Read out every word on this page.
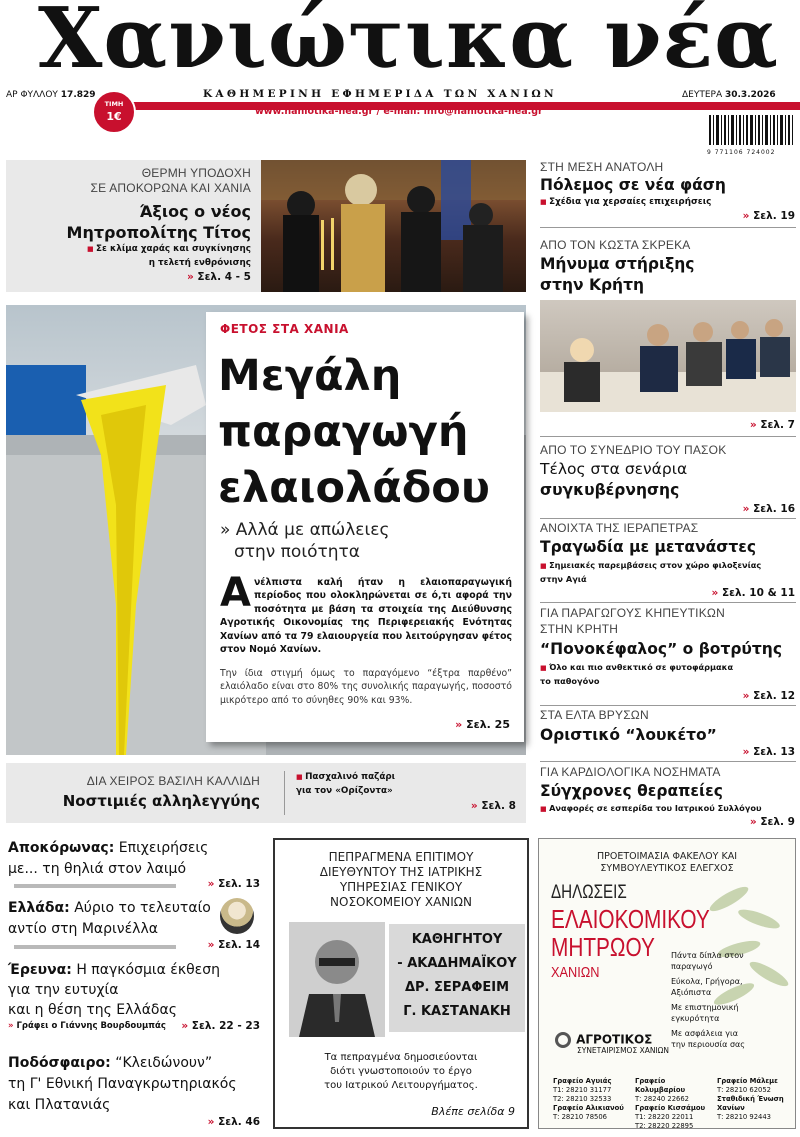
Χανιώτικα νέα
ΑΡ ΦΥΛΛΟΥ 17.829	ΚΑΘΗΜΕΡΙΝΗ ΕΦΗΜΕΡΙΔΑ ΤΩΝ ΧΑΝΙΩΝ	ΔΕΥΤΕΡΑ 30.3.2026
www.haniotika-nea.gr / e-mail: info@haniotika-nea.gr
ΤΙΜΗ
1€
9 771106 724002
ΘΕΡΜΗ ΥΠΟΔΟΧΗ
ΣΕ ΑΠΟΚΟΡΩΝΑ ΚΑΙ ΧΑΝΙΑ
Άξιος ο νέος
Μητροπολίτης Τίτος
■ Σε κλίμα χαράς και συγκίνησης
η τελετή ενθρόνισης
» Σελ. 4 - 5
ΦΕΤΟΣ ΣΤΑ ΧΑΝΙΑ
Μεγάλη
παραγωγή
ελαιολάδου
» Αλλά με απώλειες
στην ποιότητα
Ανέλπιστα καλή ήταν η ελαιοπαραγωγική περίοδος που ολοκληρώνεται σε ό,τι αφορά την ποσότητα με βάση τα στοιχεία της Διεύθυνσης Αγροτικής Οικονομίας της Περιφερειακής Ενότητας Χανίων από τα 79 ελαιουργεία που λειτούργησαν φέτος στον Νομό Χανίων.
Την ίδια στιγμή όμως το παραγόμενο “έξτρα παρθένο” ελαιόλαδο είναι στο 80% της συνολικής παραγωγής, ποσοστό μικρότερο από το σύνηθες 90% και 93%.
» Σελ. 25
ΔΙΑ ΧΕΙΡΟΣ ΒΑΣΙΛΗ ΚΑΛΛΙΔΗ
Νοστιμιές αλληλεγγύης
■ Πασχαλινό παζάρι
για τον «Ορίζοντα»
» Σελ. 8
ΣΤΗ ΜΕΣΗ ΑΝΑΤΟΛΗ
Πόλεμος σε νέα φάση
■ Σχέδια για χερσαίες επιχειρήσεις
» Σελ. 19
ΑΠΟ ΤΟΝ ΚΩΣΤΑ ΣΚΡΕΚΑ
Μήνυμα στήριξης
στην Κρήτη
» Σελ. 7
ΑΠΟ ΤΟ ΣΥΝΕΔΡΙΟ ΤΟΥ ΠΑΣΟΚ
Τέλος στα σενάρια
συγκυβέρνησης
» Σελ. 16
ΑΝΟΙΧΤΑ ΤΗΣ ΙΕΡΑΠΕΤΡΑΣ
Τραγωδία με μετανάστες
■ Σημειακές παρεμβάσεις στον χώρο φιλοξενίας
στην Αγιά
» Σελ. 10 & 11
ΓΙΑ ΠΑΡΑΓΩΓΟΥΣ ΚΗΠΕΥΤΙΚΩΝ
ΣΤΗΝ ΚΡΗΤΗ
“Πονοκέφαλος” ο βοτρύτης
■ Όλο και πιο ανθεκτικό σε φυτοφάρμακα
το παθογόνο
» Σελ. 12
ΣΤΑ ΕΛΤΑ ΒΡΥΣΩΝ
Οριστικό “λουκέτο”
» Σελ. 13
ΓΙΑ ΚΑΡΔΙΟΛΟΓΙΚΑ ΝΟΣΗΜΑΤΑ
Σύγχρονες θεραπείες
■ Αναφορές σε εσπερίδα του Ιατρικού Συλλόγου
» Σελ. 9
Αποκόρωνας: Επιχειρήσεις
με... τη θηλιά στον λαιμό
» Σελ. 13
Ελλάδα: Αύριο το τελευταίο
αντίο στη Μαρινέλλα
» Σελ. 14
Έρευνα: Η παγκόσμια έκθεση
για την ευτυχία
και η θέση της Ελλάδας
» Γράφει ο Γιάννης Βουρδουμπάς
»	Σελ. 22 - 23
Ποδόσφαιρο: “Κλειδώνουν”
τη Γ' Εθνική Παναγκρωτηριακός
και Πλατανιάς
» Σελ. 46
ΠΕΠΡΑΓΜΕΝΑ ΕΠΙΤΙΜΟΥ
ΔΙΕΥΘΥΝΤΟΥ ΤΗΣ ΙΑΤΡΙΚΗΣ
ΥΠΗΡΕΣΙΑΣ ΓΕΝΙΚΟΥ
ΝΟΣΟΚΟΜΕΙΟΥ ΧΑΝΙΩΝ
ΚΑΘΗΓΗΤΟΥ
- ΑΚΑΔΗΜΑΪΚΟΥ
ΔΡ. ΣΕΡΑΦΕΙΜ
Γ. ΚΑΣΤΑΝΑΚΗ
Τα πεπραγμένα δημοσιεύονται
διότι γνωστοποιούν το έργο
του Ιατρικού Λειτουργήματος.
Βλέπε σελίδα 9
ΠΡΟΕΤΟΙΜΑΣΙΑ ΦΑΚΕΛΟΥ ΚΑΙ
ΣΥΜΒΟΥΛΕΥΤΙΚΟΣ ΕΛΕΓΧΟΣ
ΔΗΛΩΣΕΙΣ
ΕΛΑΙΟΚΟΜΙΚΟΥ
ΜΗΤΡΩΟΥ
ΧΑΝΙΩΝ
Πάντα δίπλα στον
παραγωγό
Εύκολα, Γρήγορα,
Αξιόπιστα
Με επιστημονική
εγκυρότητα
Με ασφάλεια για
την περιουσία σας
ΑΓΡΟΤΙΚΟΣ
ΣΥΝΕΤΑΙΡΙΣΜΟΣ ΧΑΝΙΩΝ
Γραφείο Αγυιάς
Τ1: 28210 31177
Τ2: 28210 32533
Γραφείο Αλικιανού
Τ: 28210 78506
Γραφείο Κολυμβαρίου
Τ: 28240 22662
Γραφείο Κισσάμου
Τ1: 28220 22011
Τ2: 28220 22895
Γραφείο Μάλεμε
Τ: 28210 62052
Σταθιδική Ένωση
Χανίων
Τ: 28210 92443
